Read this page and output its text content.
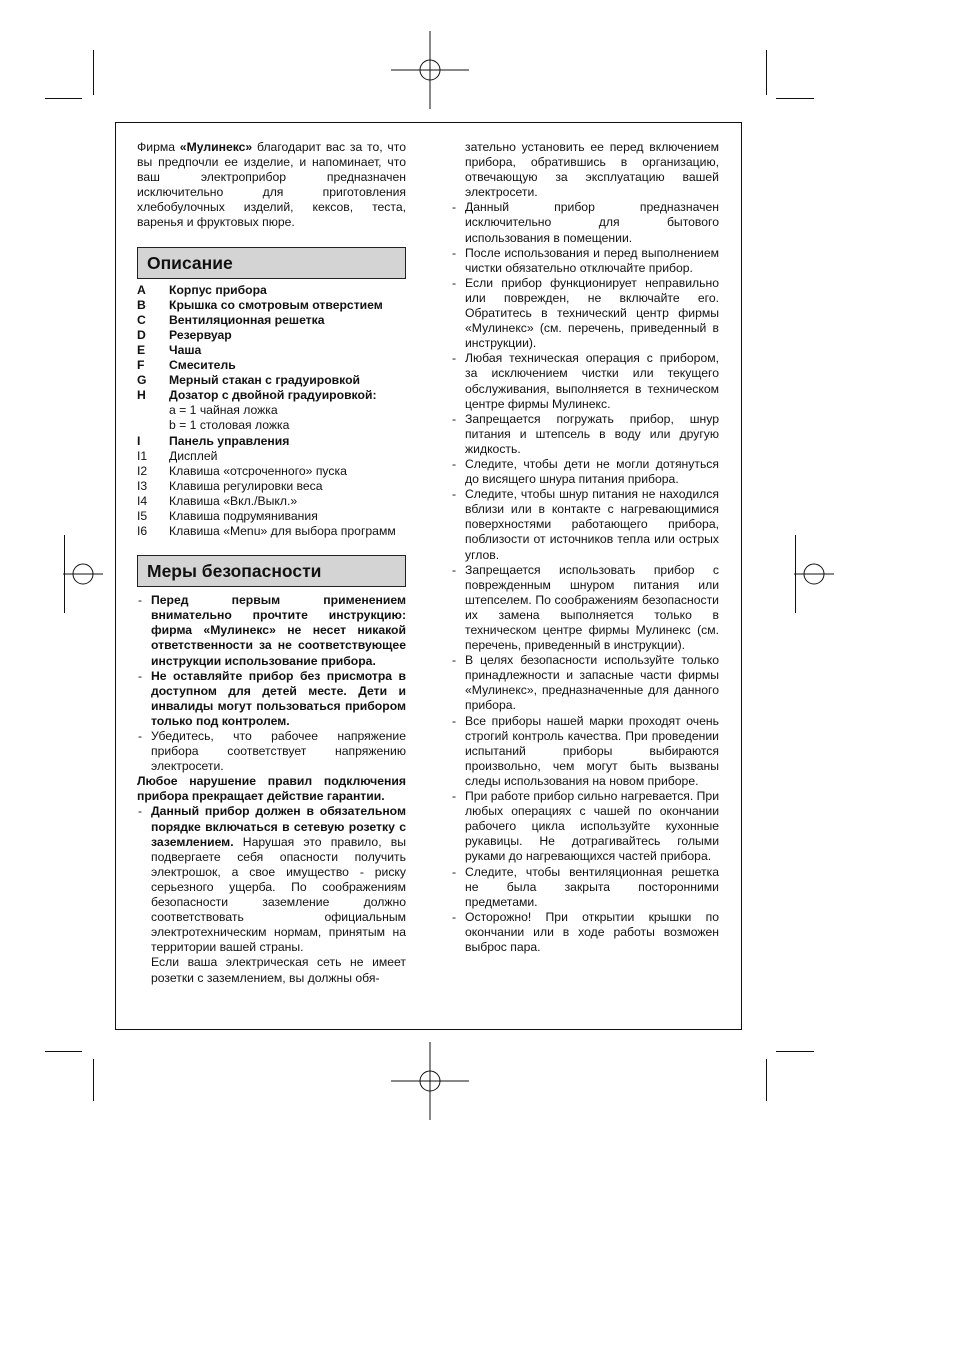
Фирма «Мулинекс» благодарит вас за то, что вы предпочли ее изделие, и напоминает, что ваш электроприбор предназначен исключительно для приготовления хлебобулочных изделий, кексов, теста, варенья и фруктовых пюре.

Описание
A	Корпус прибора
B	Крышка со смотровым отверстием
C	Вентиляционная решетка
D	Резервуар
E	Чаша
F	Смеситель
G	Мерный стакан с градуировкой
H	Дозатор с двойной градуировкой:
a = 1 чайная ложка
b = 1 столовая ложка
I	Панель управления
I1	Дисплей
I2	Клавиша «отсроченного» пуска
I3	Клавиша регулировки веса
I4	Клавиша «Вкл./Выкл.»
I5	Клавиша подрумянивания
I6	Клавиша «Menu» для выбора программ
Меры безопасности
- Перед первым применением внимательно прочтите инструкцию: фирма «Мулинекс» не несет никакой ответственности за не соответствующее инструкции использование прибора.
- Не оставляйте прибор без присмотра в доступном для детей месте. Дети и инвалиды могут пользоваться прибором только под контролем.
- Убедитесь, что рабочее напряжение прибора соответствует напряжению электросети.
Любое нарушение правил подключения прибора прекращает действие гарантии.
- Данный прибор должен в обязательном порядке включаться в сетевую розетку с заземлением. Нарушая это правило, вы подвергаете себя опасности получить электрошок, а свое имущество - риску серьезного ущерба. По соображениям безопасности заземление должно соответствовать официальным электротехническим нормам, принятым на территории вашей страны.
Если ваша электрическая сеть не имеет розетки с заземлением, вы должны обя-
зательно установить ее перед включением прибора, обратившись в организацию, отвечающую за эксплуатацию вашей электросети.
- Данный прибор предназначен исключительно для бытового использования в помещении.
- После использования и перед выполнением чистки обязательно отключайте прибор.
- Если прибор функционирует неправильно или поврежден, не включайте его. Обратитесь в технический центр фирмы «Мулинекс» (см. перечень, приведенный в инструкции).
- Любая техническая операция с прибором, за исключением чистки или текущего обслуживания, выполняется в техническом центре фирмы Мулинекс.
- Запрещается погружать прибор, шнур питания и штепсель в воду или другую жидкость.
- Следите, чтобы дети не могли дотянуться до висящего шнура питания прибора.
- Следите, чтобы шнур питания не находился вблизи или в контакте с нагревающимися поверхностями работающего прибора, поблизости от источников тепла или острых углов.
- Запрещается использовать прибор с поврежденным шнуром питания или штепселем. По соображениям безопасности их замена выполняется только в техническом центре фирмы Мулинекс (см. перечень, приведенный в инструкции).
- В целях безопасности используйте только принадлежности и запасные части фирмы «Мулинекс», предназначенные для данного прибора.
- Все приборы нашей марки проходят очень строгий контроль качества. При проведении испытаний приборы выбираются произвольно, чем могут быть вызваны следы использования на новом приборе.
- При работе прибор сильно нагревается. При любых операциях с чашей по окончании рабочего цикла используйте кухонные рукавицы. Не дотрагивайтесь голыми руками до нагревающихся частей прибора.
- Следите, чтобы вентиляционная решетка не была закрыта посторонними предметами.
- Осторожно! При открытии крышки по окончании или в ходе работы возможен выброс пара.
